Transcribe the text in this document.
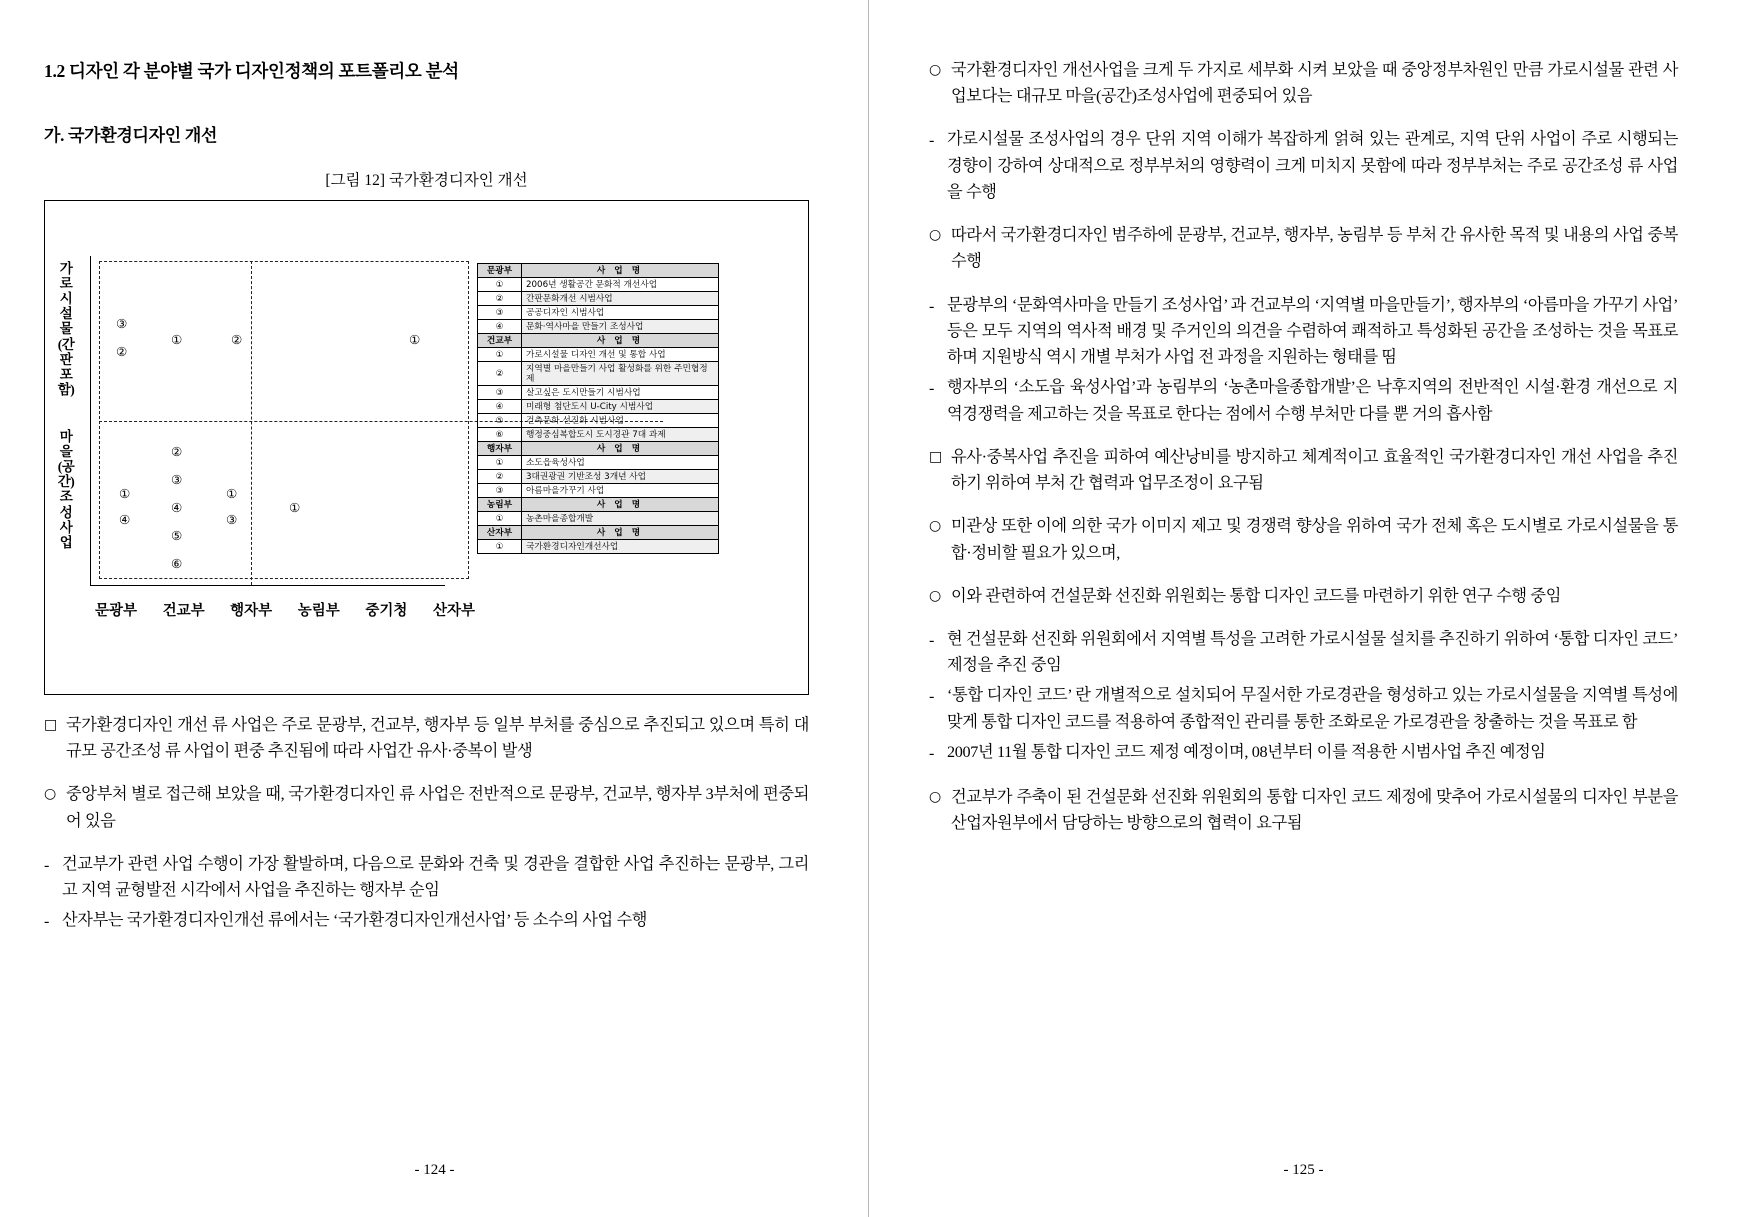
1.2 디자인 각 분야별 국가 디자인정책의 포트폴리오 분석
가. 국가환경디자인 개선
[그림 12] 국가환경디자인 개선
가로시설물(간판포함)
마을(공간)조성사업
③
②
①	②	①
②
③
④
⑤
⑥
①
④
①
③
①
문광부	건교부	행자부	농림부	중기청	산자부
문광부	사 업 명
①	2006년 생활공간 문화적 개선사업
②	간판문화개선 시범사업
③	공공디자인 시범사업
④	문화·역사마을 만들기 조성사업
건교부	사 업 명
①	가로시설물 디자인 개선 및 통합 사업
②	지역별 마을만들기 사업 활성화를 위한 주민협정제
③	살고싶은 도시만들기 시범사업
④	미래형 첨단도시 U-City 시범사업
⑤	건축문화 선진화 시범사업
⑥	행정중심복합도시 도시경관 7대 과제
행자부	사 업 명
①	소도읍육성사업
②	3대권광권 기반조성 3개년 사업
③	아름마을가꾸기 사업
농림부	사 업 명
①	농촌마을종합개발
산자부	사 업 명
①	국가환경디자인개선사업
□ 국가환경디자인 개선 류 사업은 주로 문광부, 건교부, 행자부 등 일부 부처를 중심으로 추진되고 있으며 특히 대규모 공간조성 류 사업이 편중 추진됨에 따라 사업간 유사·중복이 발생
○ 중앙부처 별로 접근해 보았을 때, 국가환경디자인 류 사업은 전반적으로 문광부, 건교부, 행자부 3부처에 편중되어 있음
- 건교부가 관련 사업 수행이 가장 활발하며, 다음으로 문화와 건축 및 경관을 결합한 사업 추진하는 문광부, 그리고 지역 균형발전 시각에서 사업을 추진하는 행자부 순임
- 산자부는 국가환경디자인개선 류에서는 ‘국가환경디자인개선사업’ 등 소수의 사업 수행
- 124 -
○ 국가환경디자인 개선사업을 크게 두 가지로 세부화 시켜 보았을 때 중앙정부차원인 만큼 가로시설물 관련 사업보다는 대규모 마을(공간)조성사업에 편중되어 있음
- 가로시설물 조성사업의 경우 단위 지역 이해가 복잡하게 얽혀 있는 관계로, 지역 단위 사업이 주로 시행되는 경향이 강하여 상대적으로 정부부처의 영향력이 크게 미치지 못함에 따라 정부부처는 주로 공간조성 류 사업을 수행
○ 따라서 국가환경디자인 범주하에 문광부, 건교부, 행자부, 농림부 등 부처 간 유사한 목적 및 내용의 사업 중복 수행
- 문광부의 ‘문화역사마을 만들기 조성사업’ 과 건교부의 ‘지역별 마을만들기’, 행자부의 ‘아름마을 가꾸기 사업’ 등은 모두 지역의 역사적 배경 및 주거인의 의견을 수렴하여 쾌적하고 특성화된 공간을 조성하는 것을 목표로 하며 지원방식 역시 개별 부처가 사업 전 과정을 지원하는 형태를 띰
- 행자부의 ‘소도읍 육성사업’과 농림부의 ‘농촌마을종합개발’은 낙후지역의 전반적인 시설·환경 개선으로 지역경쟁력을 제고하는 것을 목표로 한다는 점에서 수행 부처만 다를 뿐 거의 흡사함
□ 유사·중복사업 추진을 피하여 예산낭비를 방지하고 체계적이고 효율적인 국가환경디자인 개선 사업을 추진하기 위하여 부처 간 협력과 업무조정이 요구됨
○ 미관상 또한 이에 의한 국가 이미지 제고 및 경쟁력 향상을 위하여 국가 전체 혹은 도시별로 가로시설물을 통합·정비할 필요가 있으며,
○ 이와 관련하여 건설문화 선진화 위원회는 통합 디자인 코드를 마련하기 위한 연구 수행 중임
- 현 건설문화 선진화 위원회에서 지역별 특성을 고려한 가로시설물 설치를 추진하기 위하여 ‘통합 디자인 코드’ 제정을 추진 중임
- ‘통합 디자인 코드’ 란 개별적으로 설치되어 무질서한 가로경관을 형성하고 있는 가로시설물을 지역별 특성에 맞게 통합 디자인 코드를 적용하여 종합적인 관리를 통한 조화로운 가로경관을 창출하는 것을 목표로 함
- 2007년 11월 통합 디자인 코드 제정 예정이며, 08년부터 이를 적용한 시범사업 추진 예정임
○ 건교부가 주축이 된 건설문화 선진화 위원회의 통합 디자인 코드 제정에 맞추어 가로시설물의 디자인 부분을 산업자원부에서 담당하는 방향으로의 협력이 요구됨
- 125 -
